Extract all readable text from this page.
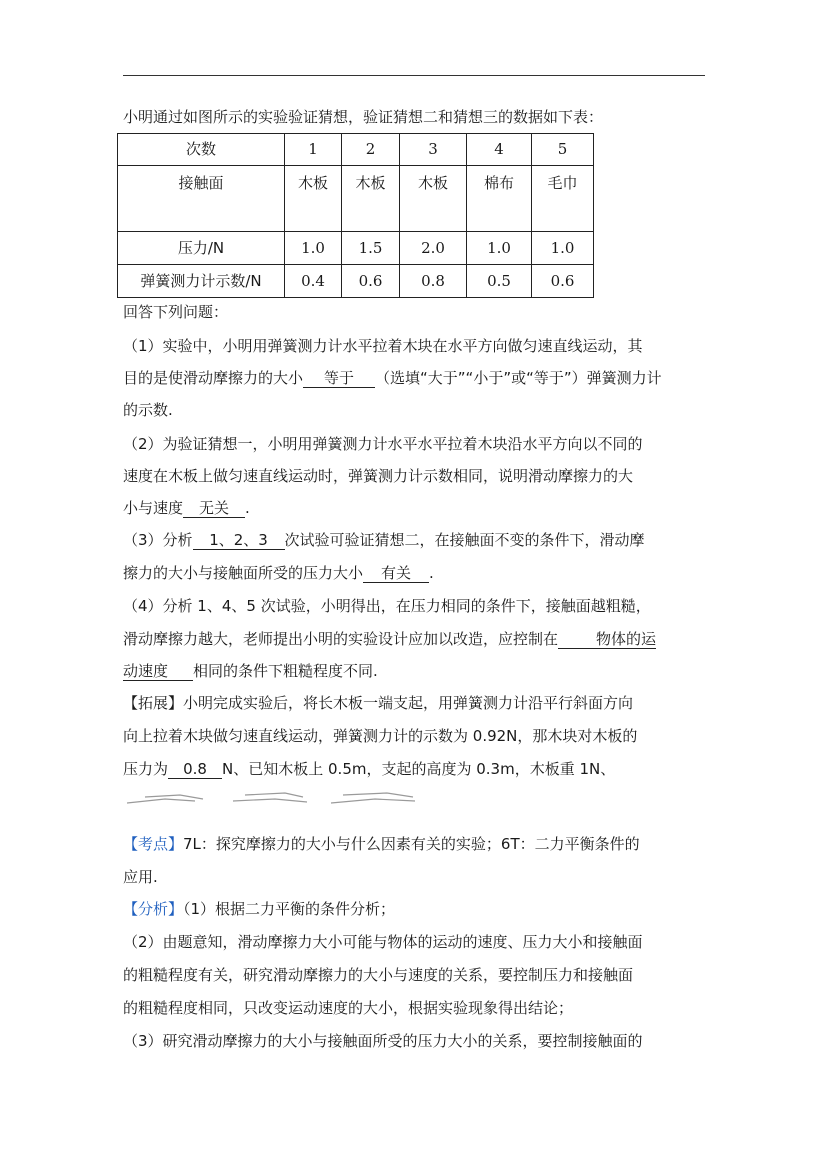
小明通过如图所示的实验验证猜想，验证猜想二和猜想三的数据如下表：
次数	1	2	3	4	5
接触面	木板	木板	木板	棉布	毛巾
压力/N	1.0	1.5	2.0	1.0	1.0
弹簧测力计示数/N	0.4	0.6	0.8	0.5	0.6
回答下列问题：
（1）实验中，小明用弹簧测力计水平拉着木块在水平方向做匀速直线运动，其
目的是使滑动摩擦力的大小 等于 （选填“大于”“小于”或“等于”）弹簧测力计
的示数.
（2）为验证猜想一，小明用弹簧测力计水平水平拉着木块沿水平方向以不同的
速度在木板上做匀速直线运动时，弹簧测力计示数相同，说明滑动摩擦力的大
小与速度 无关 .
（3）分析 1、2、3 次试验可验证猜想二，在接触面不变的条件下，滑动摩
擦力的大小与接触面所受的压力大小 有关 .
（4）分析 1、4、5 次试验，小明得出，在压力相同的条件下，接触面越粗糙，
滑动摩擦力越大，老师提出小明的实验设计应加以改造，应控制在	物体的运
动速度 相同的条件下粗糙程度不同.
【拓展】小明完成实验后，将长木板一端支起，用弹簧测力计沿平行斜面方向
向上拉着木块做匀速直线运动，弹簧测力计的示数为 0.92N，那木块对木板的
压力为 0.8 N、已知木板上 0.5m，支起的高度为 0.3m，木板重 1N、
【考点】7L：探究摩擦力的大小与什么因素有关的实验；6T：二力平衡条件的
应用.
【分析】（1）根据二力平衡的条件分析；
（2）由题意知，滑动摩擦力大小可能与物体的运动的速度、压力大小和接触面
的粗糙程度有关，研究滑动摩擦力的大小与速度的关系，要控制压力和接触面
的粗糙程度相同，只改变运动速度的大小，根据实验现象得出结论；
（3）研究滑动摩擦力的大小与接触面所受的压力大小的关系，要控制接触面的
